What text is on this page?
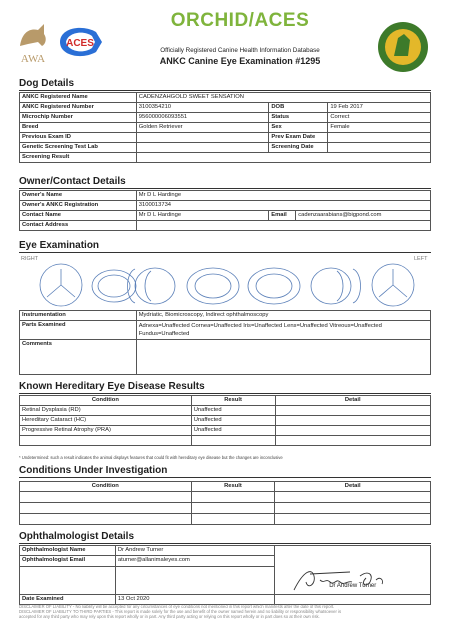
AWA
ACES
ORCHID/ACES
Officially Registered Canine Health Information Database
ANKC Canine Eye Examination #1295
Dog Details
ANKC Registered Name	CADENZAHGOLD SWEET SENSATION		
ANKC Registered Number	3100354210	DOB	19 Feb 2017
Microchip Number	956000006093551	Status	Correct
Breed	Golden Retriever	Sex	Female
Previous Exam ID		Prev Exam Date	
Genetic Screening Test Lab		Screening Date	
Screening Result			
Owner/Contact Details
Owner's Name	Mr D L Hardinge		
Owner's ANKC Registration	3100013734		
Contact Name	Mr D L Hardinge	Email	cadenzaarabians@bigpond.com
Contact Address			
Eye Examination
RIGHT	LEFT
Instrumentation	Mydriatic, Biomicroscopy, Indirect ophthalmoscopy
Parts Examined	Adnexa=Unaffected Cornea=Unaffected Iris=Unaffected Lens=Unaffected Vitreous=Unaffected
Fundus=Unaffected

Comments	
Known Hereditary Eye Disease Results
Condition	Result	Detail
Retinal Dysplasia (RD)	Unaffected	
Hereditary Cataract (HC)	Unaffected	
Progressive Retinal Atrophy (PRA)	Unaffected	

* Undetermined: such a result indicates the animal displays features that could fit with hereditary eye disease but the changes are inconclusive
Conditions Under Investigation
Condition	Result	Detail

Ophthalmologist Details
Ophthalmologist Name	Dr Andrew Turner	Dr Andrew Turner

Ophthalmologist Email	aturner@allanimaleyes.com	

Date Examined	13 Oct 2020	
DISCLAIMER OF LIABILITY - No liability will be accepted for any circumstances of eye conditions not mentioned in this report which manifests after the date of this report.
DISCLAIMER OF LIABILITY TO THIRD PARTIES - This report is made solely for the use and benefit of the owner named herein and no liability or responsibility whatsoever is
accepted for any third party who may rely upon this report wholly or in part. Any third party acting or relying on this report wholly or in part does so at their own risk.
